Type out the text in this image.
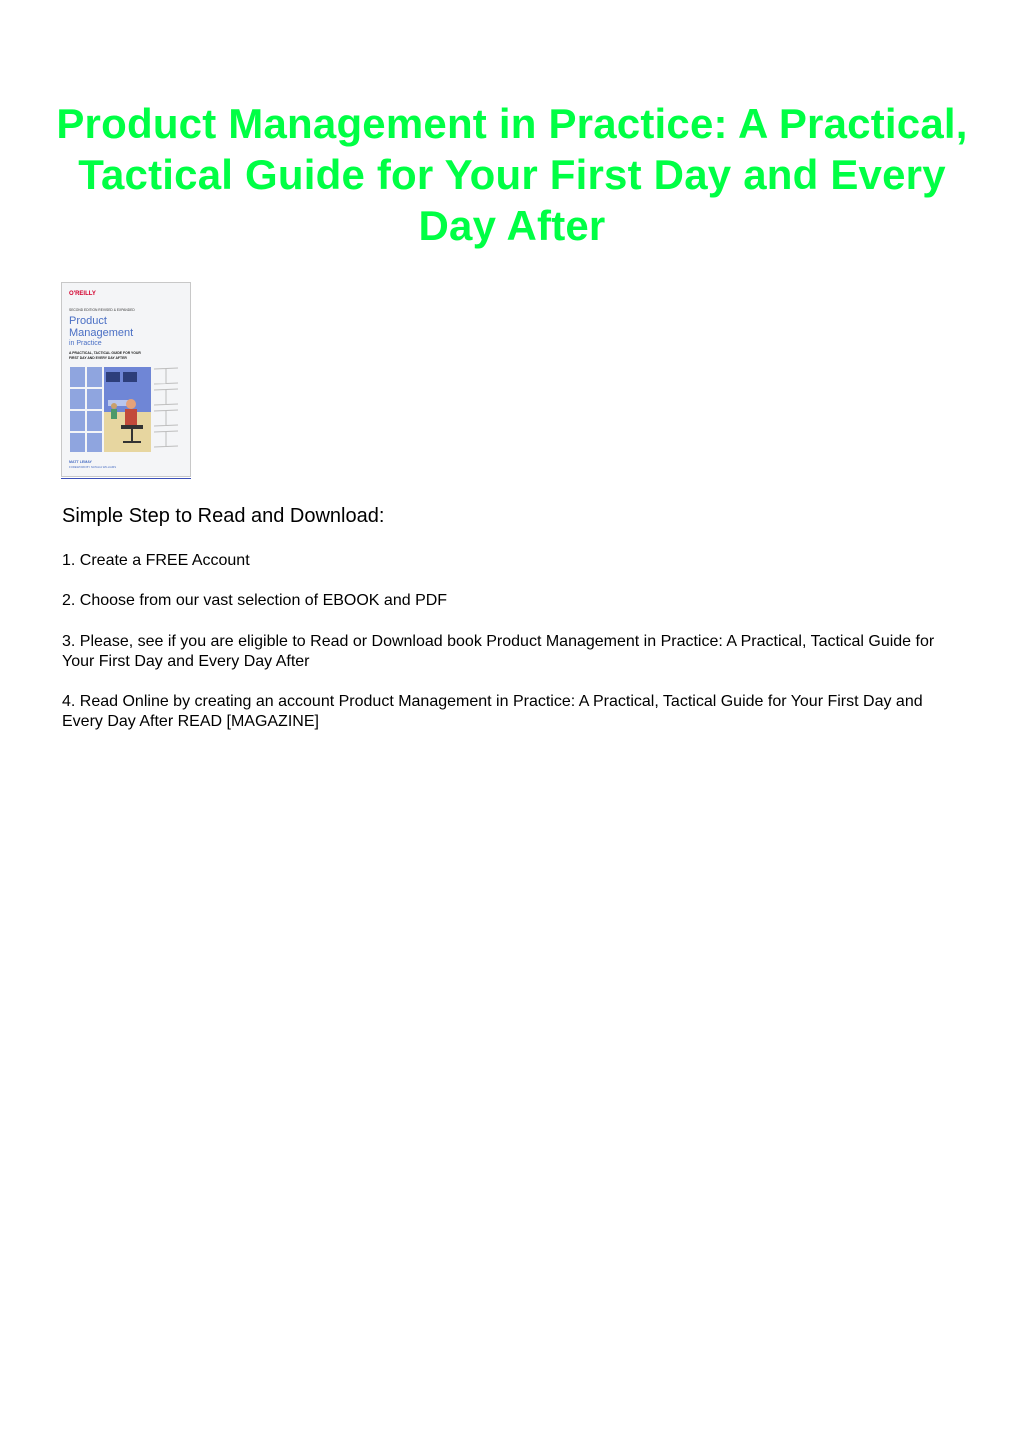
Product Management in Practice: A Practical, Tactical Guide for Your First Day and Every Day After
O'REILLY
SECOND EDITION REVISED & EXPANDED
Product
Management
in Practice
A PRACTICAL, TACTICAL GUIDE FOR YOUR
FIRST DAY AND EVERY DAY AFTER
MATT LEMAY
FOREWORD BY NATALIA WILLIAMS
Simple Step to Read and Download:

1. Create a FREE Account

2. Choose from our vast selection of EBOOK and PDF

3. Please, see if you are eligible to Read or Download book Product Management in Practice: A Practical, Tactical Guide for Your First Day and Every Day After

4. Read Online by creating an account Product Management in Practice: A Practical, Tactical Guide for Your First Day and Every Day After READ [MAGAZINE]
